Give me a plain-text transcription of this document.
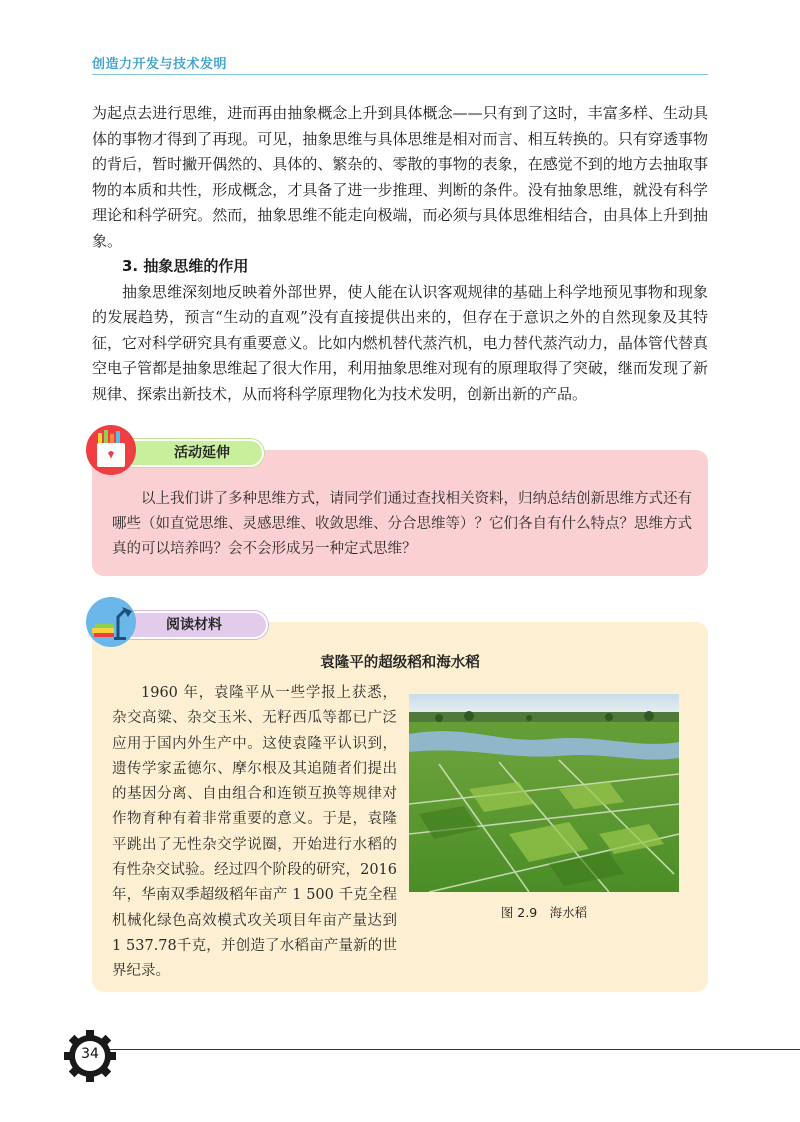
创造力开发与技术发明

为起点去进行思维，进而再由抽象概念上升到具体概念——只有到了这时，丰富多样、生动具体的事物才得到了再现。可见，抽象思维与具体思维是相对而言、相互转换的。只有穿透事物的背后，暂时撇开偶然的、具体的、繁杂的、零散的事物的表象，在感觉不到的地方去抽取事物的本质和共性，形成概念，才具备了进一步推理、判断的条件。没有抽象思维，就没有科学理论和科学研究。然而，抽象思维不能走向极端，而必须与具体思维相结合，由具体上升到抽象。

3. 抽象思维的作用

抽象思维深刻地反映着外部世界，使人能在认识客观规律的基础上科学地预见事物和现象的发展趋势，预言“生动的直观”没有直接提供出来的，但存在于意识之外的自然现象及其特征，它对科学研究具有重要意义。比如内燃机替代蒸汽机，电力替代蒸汽动力，晶体管代替真空电子管都是抽象思维起了很大作用，利用抽象思维对现有的原理取得了突破，继而发现了新规律、探索出新技术，从而将科学原理物化为技术发明，创新出新的产品。

活动延伸

以上我们讲了多种思维方式，请同学们通过查找相关资料，归纳总结创新思维方式还有哪些（如直觉思维、灵感思维、收敛思维、分合思维等）？它们各自有什么特点？思维方式真的可以培养吗？会不会形成另一种定式思维？

阅读材料
袁隆平的超级稻和海水稻

1960 年，袁隆平从一些学报上获悉，杂交高粱、杂交玉米、无籽西瓜等都已广泛应用于国内外生产中。这使袁隆平认识到，遗传学家孟德尔、摩尔根及其追随者们提出的基因分离、自由组合和连锁互换等规律对作物育种有着非常重要的意义。于是，袁隆平跳出了无性杂交学说圈，开始进行水稻的有性杂交试验。经过四个阶段的研究，2016 年，华南双季超级稻年亩产 1 500 千克全程机械化绿色高效模式攻关项目年亩产量达到 1 537.78千克，并创造了水稻亩产量新的世界纪录。

图 2.9　海水稻
34
